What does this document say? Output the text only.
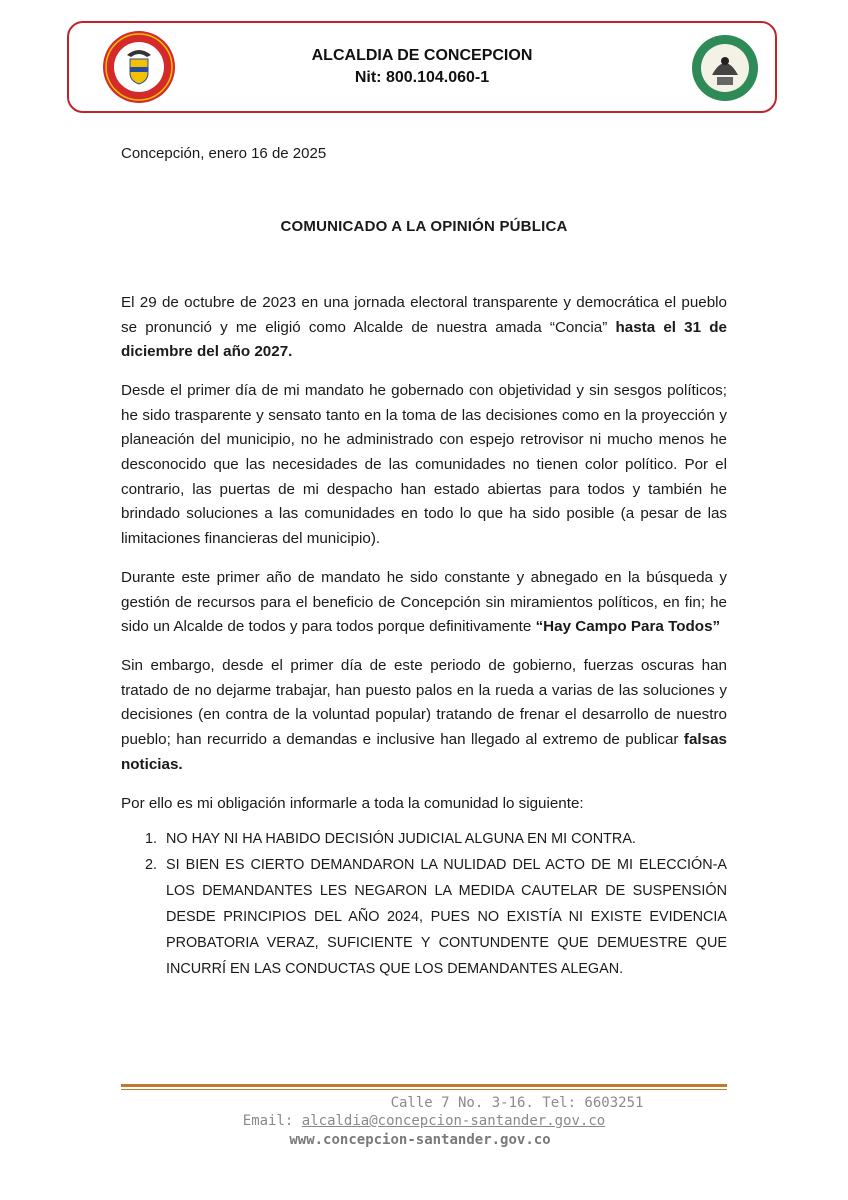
ALCALDIA DE CONCEPCION
Nit: 800.104.060-1
Concepción, enero 16 de 2025
COMUNICADO A LA OPINIÓN PÚBLICA

El 29 de octubre de 2023 en una jornada electoral transparente y democrática el pueblo se pronunció y me eligió como Alcalde de nuestra amada “Concia” hasta el 31 de diciembre del año 2027.

Desde el primer día de mi mandato he gobernado con objetividad y sin sesgos políticos; he sido trasparente y sensato tanto en la toma de las decisiones como en la proyección y planeación del municipio, no he administrado con espejo retrovisor ni mucho menos he desconocido que las necesidades de las comunidades no tienen color político. Por el contrario, las puertas de mi despacho han estado abiertas para todos y también he brindado soluciones a las comunidades en todo lo que ha sido posible (a pesar de las limitaciones financieras del municipio).

Durante este primer año de mandato he sido constante y abnegado en la búsqueda y gestión de recursos para el beneficio de Concepción sin miramientos políticos, en fin; he sido un Alcalde de todos y para todos porque definitivamente “Hay Campo Para Todos”

Sin embargo, desde el primer día de este periodo de gobierno, fuerzas oscuras han tratado de no dejarme trabajar, han puesto palos en la rueda a varias de las soluciones y decisiones (en contra de la voluntad popular) tratando de frenar el desarrollo de nuestro pueblo; han recurrido a demandas e inclusive han llegado al extremo de publicar falsas noticias.

Por ello es mi obligación informarle a toda la comunidad lo siguiente:

1. NO HAY NI HA HABIDO DECISIÓN JUDICIAL ALGUNA EN MI CONTRA.
2. SI BIEN ES CIERTO DEMANDARON LA NULIDAD DEL ACTO DE MI ELECCIÓN-A LOS DEMANDANTES LES NEGARON LA MEDIDA CAUTELAR DE SUSPENSIÓN DESDE PRINCIPIOS DEL AÑO 2024, PUES NO EXISTÍA NI EXISTE EVIDENCIA PROBATORIA VERAZ, SUFICIENTE Y CONTUNDENTE QUE DEMUESTRE QUE INCURRÍ EN LAS CONDUCTAS QUE LOS DEMANDANTES ALEGAN.
Calle 7 No. 3-16. Tel: 6603251
Email: alcaldia@concepcion-santander.gov.co
www.concepcion-santander.gov.co
